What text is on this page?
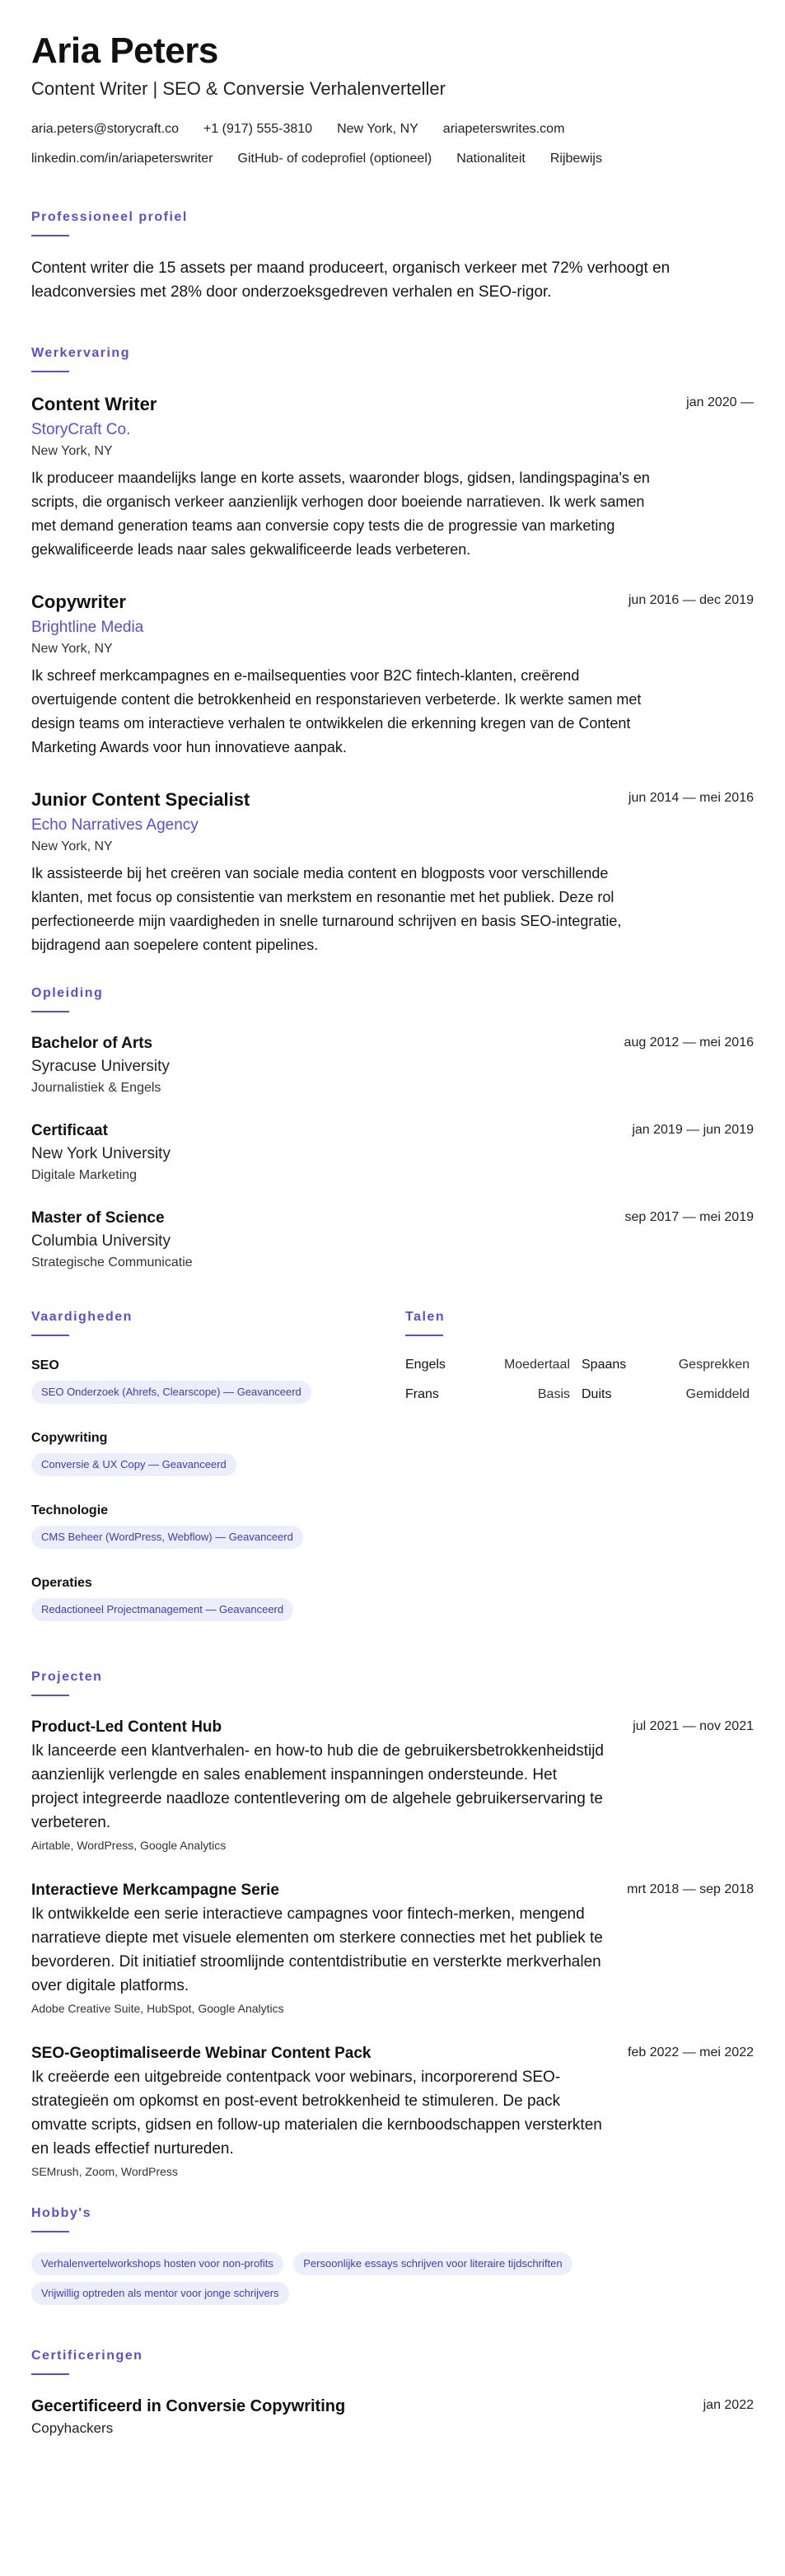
Aria Peters
Content Writer | SEO & Conversie Verhalenverteller
aria.peters@storycraft.co +1 (917) 555-3810 New York, NY ariapeterswrites.com
linkedin.com/in/ariapeterswriter GitHub- of codeprofiel (optioneel) Nationaliteit Rijbewijs
Professioneel profiel

Content writer die 15 assets per maand produceert, organisch verkeer met 72% verhoogt en leadconversies met 28% door onderzoeksgedreven verhalen en SEO-rigor.

Werkervaring
Content Writer	jan 2020 —
StoryCraft Co.
New York, NY

Ik produceer maandelijks lange en korte assets, waaronder blogs, gidsen, landingspagina's en scripts, die organisch verkeer aanzienlijk verhogen door boeiende narratieven. Ik werk samen met demand generation teams aan conversie copy tests die de progressie van marketing gekwalificeerde leads naar sales gekwalificeerde leads verbeteren.

Copywriter	jun 2016 — dec 2019
Brightline Media
New York, NY

Ik schreef merkcampagnes en e-mailsequenties voor B2C fintech-klanten, creërend overtuigende content die betrokkenheid en responstarieven verbeterde. Ik werkte samen met design teams om interactieve verhalen te ontwikkelen die erkenning kregen van de Content Marketing Awards voor hun innovatieve aanpak.

Junior Content Specialist	jun 2014 — mei 2016
Echo Narratives Agency
New York, NY

Ik assisteerde bij het creëren van sociale media content en blogposts voor verschillende klanten, met focus op consistentie van merkstem en resonantie met het publiek. Deze rol perfectioneerde mijn vaardigheden in snelle turnaround schrijven en basis SEO-integratie, bijdragend aan soepelere content pipelines.

Opleiding
Bachelor of Arts	aug 2012 — mei 2016
Syracuse University
Journalistiek & Engels
Certificaat	jan 2019 — jun 2019
New York University
Digitale Marketing
Master of Science	sep 2017 — mei 2019
Columbia University
Strategische Communicatie
Vaardigheden
SEO
SEO Onderzoek (Ahrefs, Clearscope) — Geavanceerd
Copywriting
Conversie & UX Copy — Geavanceerd
Technologie
CMS Beheer (WordPress, Webflow) — Geavanceerd
Operaties
Redactioneel Projectmanagement — Geavanceerd
Talen
Engels	Moedertaal Spaans	Gesprekken
Frans	Basis Duits	Gemiddeld
Projecten
Product-Led Content Hub	jul 2021 — nov 2021

Ik lanceerde een klantverhalen- en how-to hub die de gebruikersbetrokkenheidstijd aanzienlijk verlengde en sales enablement inspanningen ondersteunde. Het project integreerde naadloze contentlevering om de algehele gebruikerservaring te verbeteren.

Airtable, WordPress, Google Analytics
Interactieve Merkcampagne Serie	mrt 2018 — sep 2018

Ik ontwikkelde een serie interactieve campagnes voor fintech-merken, mengend narratieve diepte met visuele elementen om sterkere connecties met het publiek te bevorderen. Dit initiatief stroomlijnde contentdistributie en versterkte merkverhalen over digitale platforms.

Adobe Creative Suite, HubSpot, Google Analytics
SEO-Geoptimaliseerde Webinar Content Pack	feb 2022 — mei 2022

Ik creëerde een uitgebreide contentpack voor webinars, incorporerend SEO-strategieën om opkomst en post-event betrokkenheid te stimuleren. De pack omvatte scripts, gidsen en follow-up materialen die kernboodschappen versterkten en leads effectief nurtureden.

SEMrush, Zoom, WordPress
Hobby's
Verhalenvertelworkshops hosten voor non-profits	Persoonlijke essays schrijven voor literaire tijdschriften Vrijwillig optreden als mentor voor jonge schrijvers
Certificeringen
Gecertificeerd in Conversie Copywriting	jan 2022
Copyhackers
